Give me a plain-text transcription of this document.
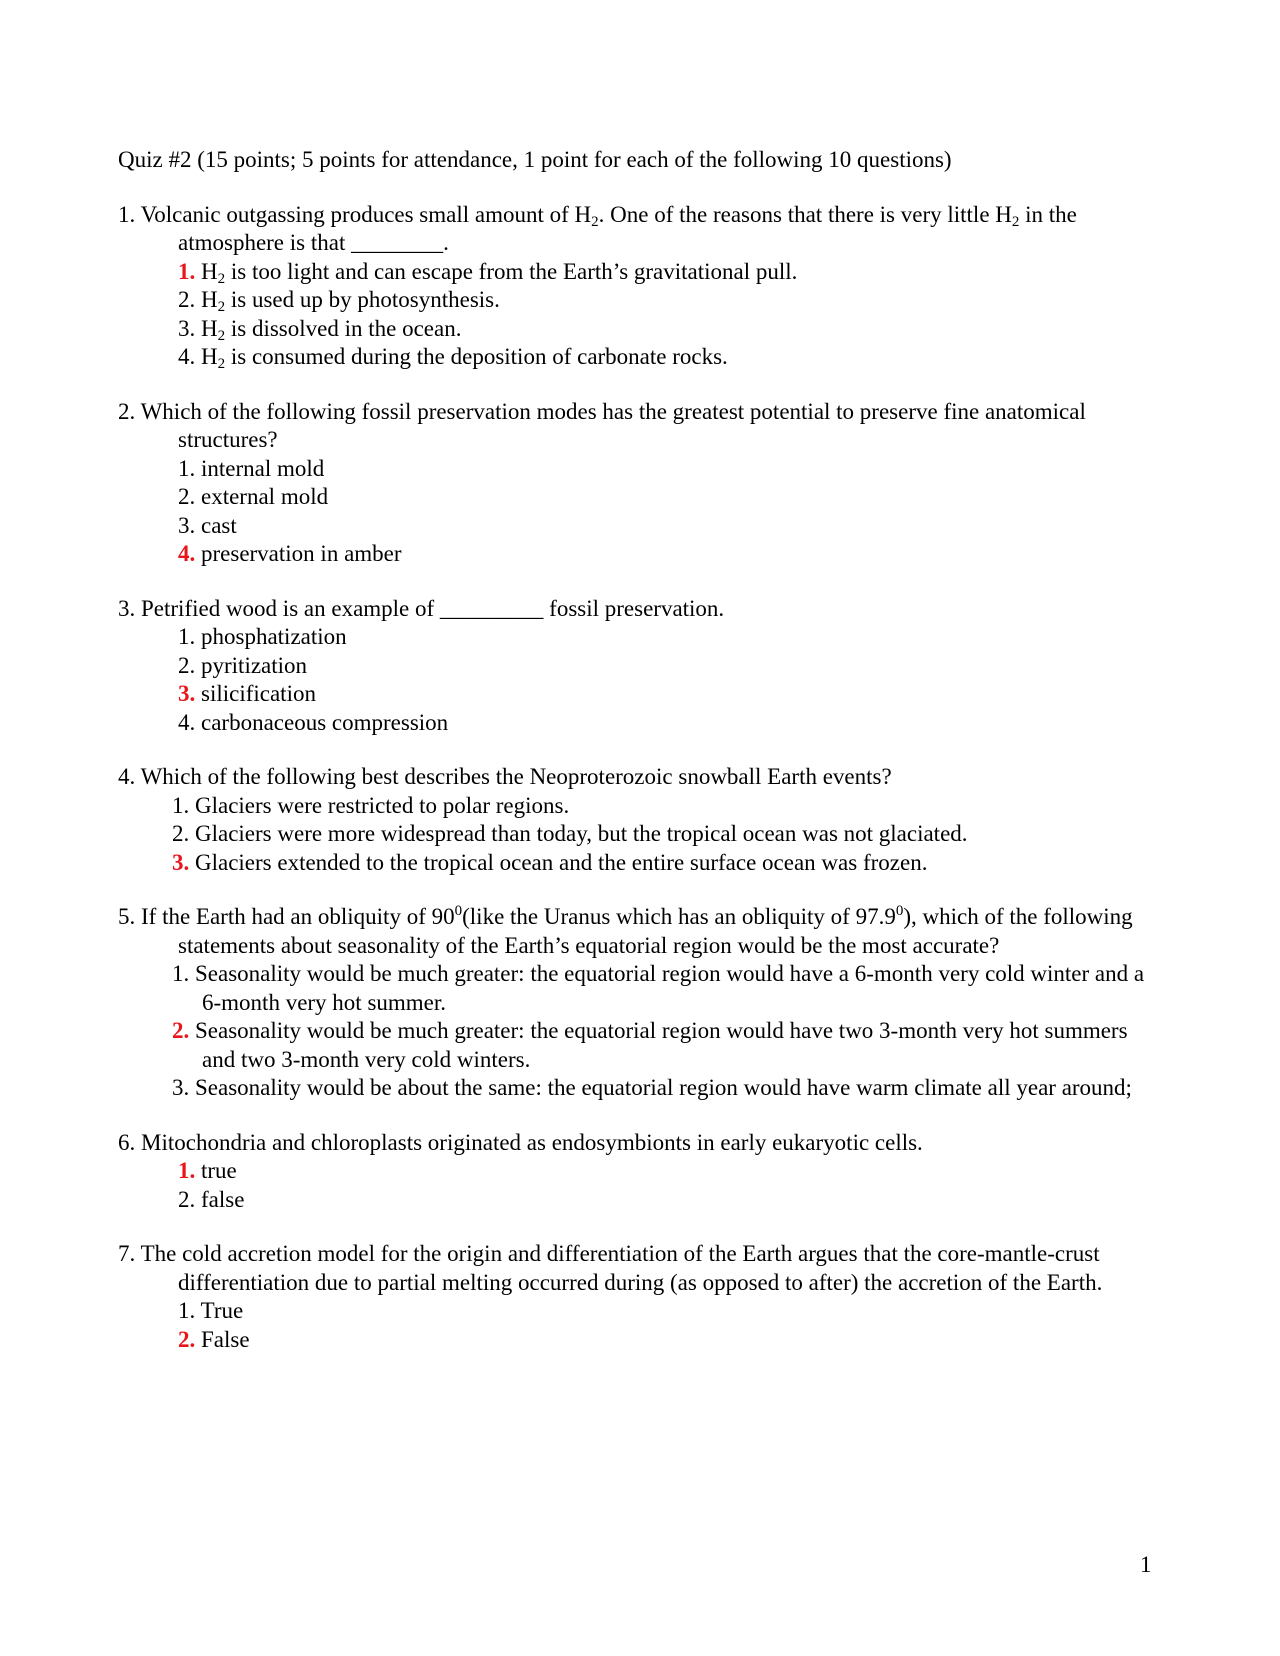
Quiz #2 (15 points; 5 points for attendance, 1 point for each of the following 10 questions)

1. Volcanic outgassing produces small amount of $H_2$. One of the reasons that there is very little $H_2$ in the atmosphere is that ________.
1. $H_2$ is too light and can escape from the Earth’s gravitational pull.
2. $H_2$ is used up by photosynthesis.
3. $H_2$ is dissolved in the ocean.
4. $H_2$ is consumed during the deposition of carbonate rocks.
2. Which of the following fossil preservation modes has the greatest potential to preserve fine anatomical structures?
1. internal mold
2. external mold
3. cast
4. preservation in amber
3. Petrified wood is an example of _________ fossil preservation.
1. phosphatization
2. pyritization
3. silicification
4. carbonaceous compression
4. Which of the following best describes the Neoproterozoic snowball Earth events?
1. Glaciers were restricted to polar regions.
2. Glaciers were more widespread than today, but the tropical ocean was not glaciated.
3. Glaciers extended to the tropical ocean and the entire surface ocean was frozen.
5. If the Earth had an obliquity of $90^0(like$ the Uranus which has an obliquity of 97.9$^0$), which of the following statements about seasonality of the Earth’s equatorial region would be the most accurate?
1. Seasonality would be much greater: the equatorial region would have a 6-month very cold winter and a 6-month very hot summer.
2. Seasonality would be much greater: the equatorial region would have two 3-month very hot summers and two 3-month very cold winters.
3. Seasonality would be about the same: the equatorial region would have warm climate all year around;
6. Mitochondria and chloroplasts originated as endosymbionts in early eukaryotic cells.
1. true
2. false
7. The cold accretion model for the origin and differentiation of the Earth argues that the core-mantle-crust differentiation due to partial melting occurred during (as opposed to after) the accretion of the Earth.
1. True
2. False
1
